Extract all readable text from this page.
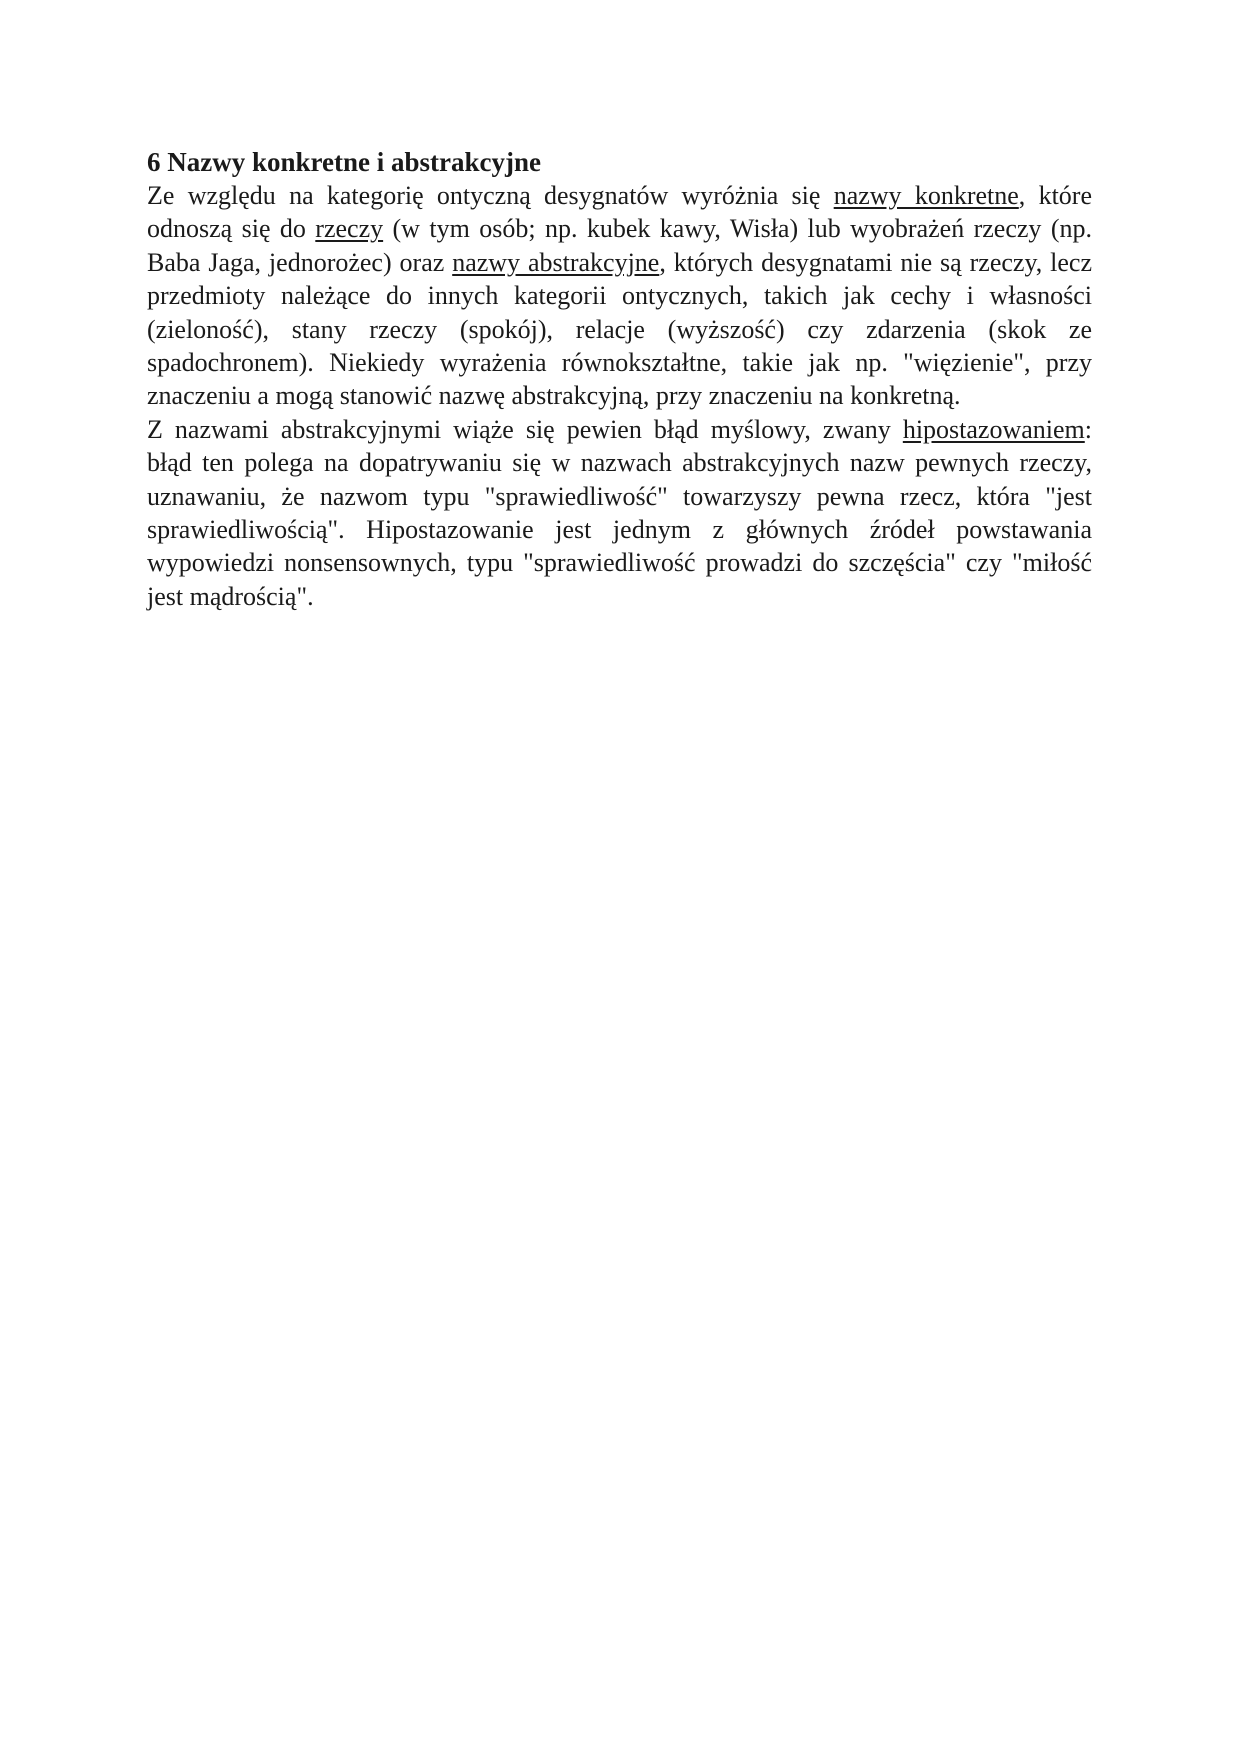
6 Nazwy konkretne i abstrakcyjne

Ze względu na kategorię ontyczną desygnatów wyróżnia się nazwy konkretne, które odnoszą się do rzeczy (w tym osób; np. kubek kawy, Wisła) lub wyobrażeń rzeczy (np. Baba Jaga, jednorożec) oraz nazwy abstrakcyjne, których desygnatami nie są rzeczy, lecz przedmioty należące do innych kategorii ontycznych, takich jak cechy i własności (zieloność), stany rzeczy (spokój), relacje (wyższość) czy zdarzenia (skok ze spadochronem). Niekiedy wyrażenia równokształtne, takie jak np. "więzienie", przy znaczeniu a mogą stanowić nazwę abstrakcyjną, przy znaczeniu na konkretną.

Z nazwami abstrakcyjnymi wiąże się pewien błąd myślowy, zwany hipostazowaniem: błąd ten polega na dopatrywaniu się w nazwach abstrakcyjnych nazw pewnych rzeczy, uznawaniu, że nazwom typu "sprawiedliwość" towarzyszy pewna rzecz, która "jest sprawiedliwością". Hipostazowanie jest jednym z głównych źródeł powstawania wypowiedzi nonsensownych, typu "sprawiedliwość prowadzi do szczęścia" czy "miłość jest mądrością".
